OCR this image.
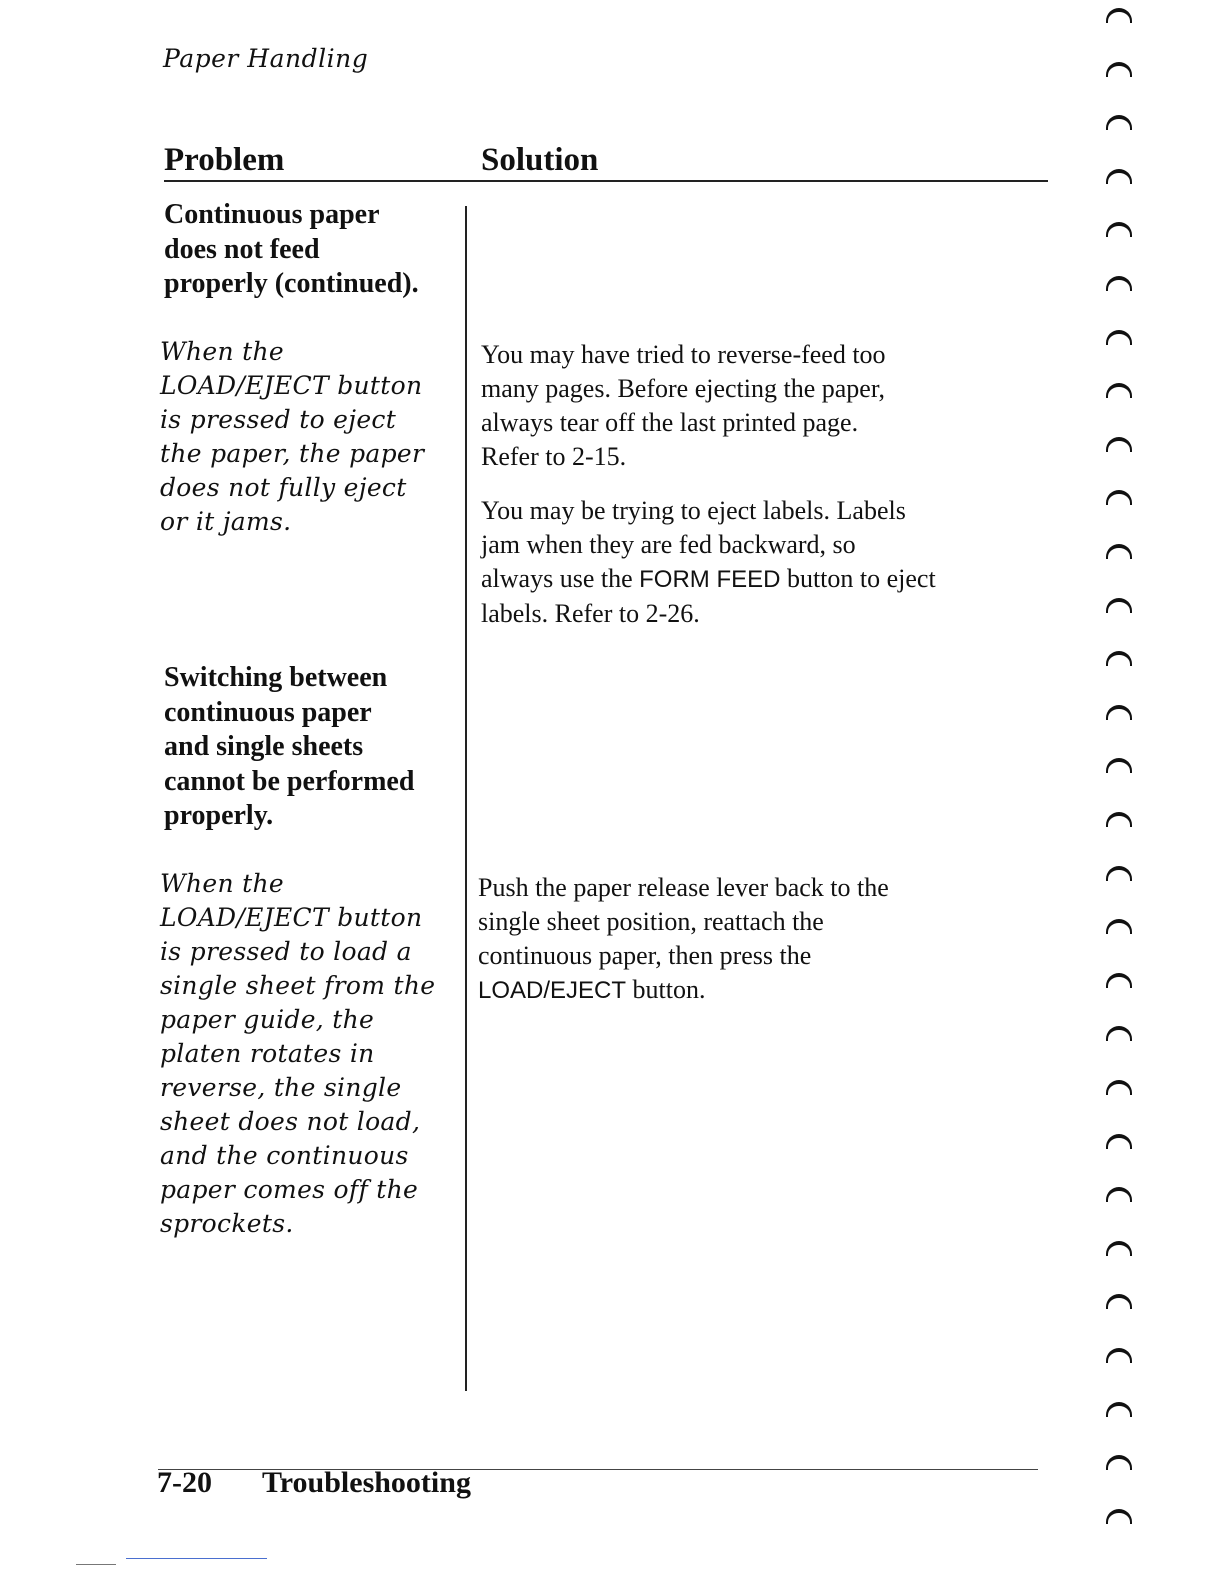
Paper Handling
Problem	Solution
Continuous paper
does not feed
properly (continued).
When the
LOAD/EJECT button
is pressed to eject
the paper, the paper
does not fully eject
or it jams.
You may have tried to reverse-feed too
many pages. Before ejecting the paper,
always tear off the last printed page.
Refer to 2-15.
You may be trying to eject labels. Labels
jam when they are fed backward, so
always use the FORM FEED button to eject
labels. Refer to 2-26.
Switching between
continuous paper
and single sheets
cannot be performed
properly.
When the
LOAD/EJECT button
is pressed to load a
single sheet from the
paper guide, the
platen rotates in
reverse, the single
sheet does not load,
and the continuous
paper comes off the
sprockets.
Push the paper release lever back to the
single sheet position, reattach the
continuous paper, then press the
LOAD/EJECT button.
7-20 Troubleshooting
